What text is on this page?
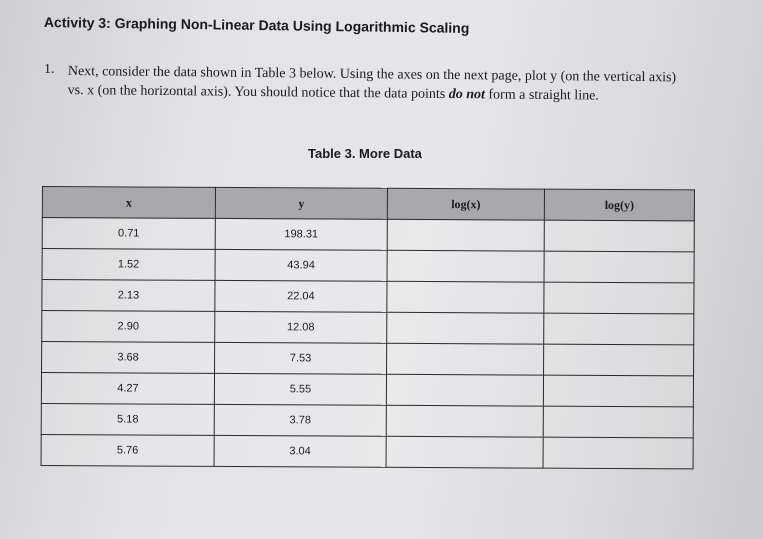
Activity 3: Graphing Non-Linear Data Using Logarithmic Scaling
1. Next, consider the data shown in Table 3 below. Using the axes on the next page, plot y (on the vertical axis) vs. x (on the horizontal axis). You should notice that the data points do not form a straight line.
Table 3. More Data
x	y	log(x)	log(y)
0.71	198.31		
1.52	43.94		
2.13	22.04		
2.90	12.08		
3.68	7.53		
4.27	5.55		
5.18	3.78		
5.76	3.04		
